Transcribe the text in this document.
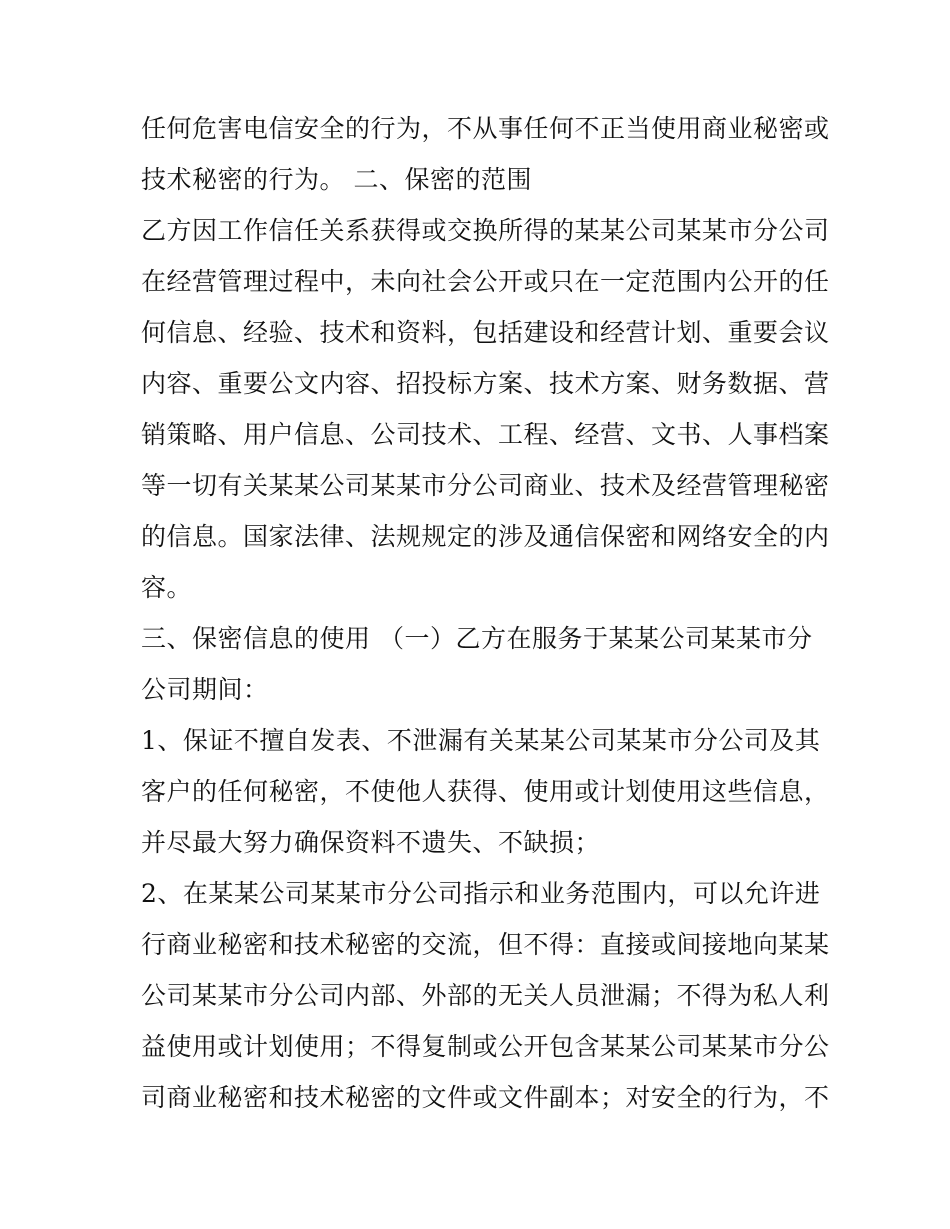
任何危害电信安全的行为，不从事任何不正当使用商业秘密或
技术秘密的行为。 二、保密的范围
乙方因工作信任关系获得或交换所得的某某公司某某市分公司
在经营管理过程中，未向社会公开或只在一定范围内公开的任
何信息、经验、技术和资料，包括建设和经营计划、重要会议
内容、重要公文内容、招投标方案、技术方案、财务数据、营
销策略、用户信息、公司技术、工程、经营、文书、人事档案
等一切有关某某公司某某市分公司商业、技术及经营管理秘密
的信息。国家法律、法规规定的涉及通信保密和网络安全的内
容。
三、保密信息的使用 （一）乙方在服务于某某公司某某市分
公司期间：
1、保证不擅自发表、不泄漏有关某某公司某某市分公司及其
客户的任何秘密，不使他人获得、使用或计划使用这些信息，
并尽最大努力确保资料不遗失、不缺损；
2、在某某公司某某市分公司指示和业务范围内，可以允许进
行商业秘密和技术秘密的交流，但不得：直接或间接地向某某
公司某某市分公司内部、外部的无关人员泄漏；不得为私人利
益使用或计划使用；不得复制或公开包含某某公司某某市分公
司商业秘密和技术秘密的文件或文件副本；对安全的行为，不
